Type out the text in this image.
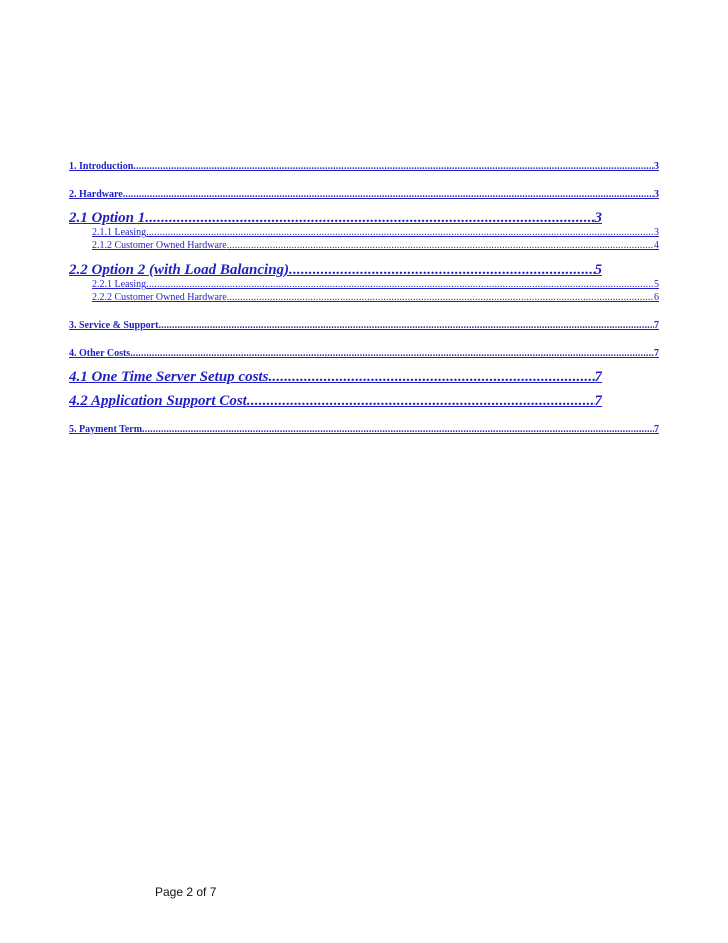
1. Introduction .....	3
2. Hardware .....	3
2.1 Option 1 .....	3
2.1.1 Leasing .....	3
2.1.2 Customer Owned Hardware .....	4
2.2 Option 2 (with Load Balancing) .....	5
2.2.1 Leasing .....	5
2.2.2 Customer Owned Hardware .....	6
3. Service & Support .....	7
4. Other Costs .....	7
4.1 One Time Server Setup costs .....	7
4.2 Application Support Cost .....	7
5. Payment Term .....	7
Page 2 of 7
